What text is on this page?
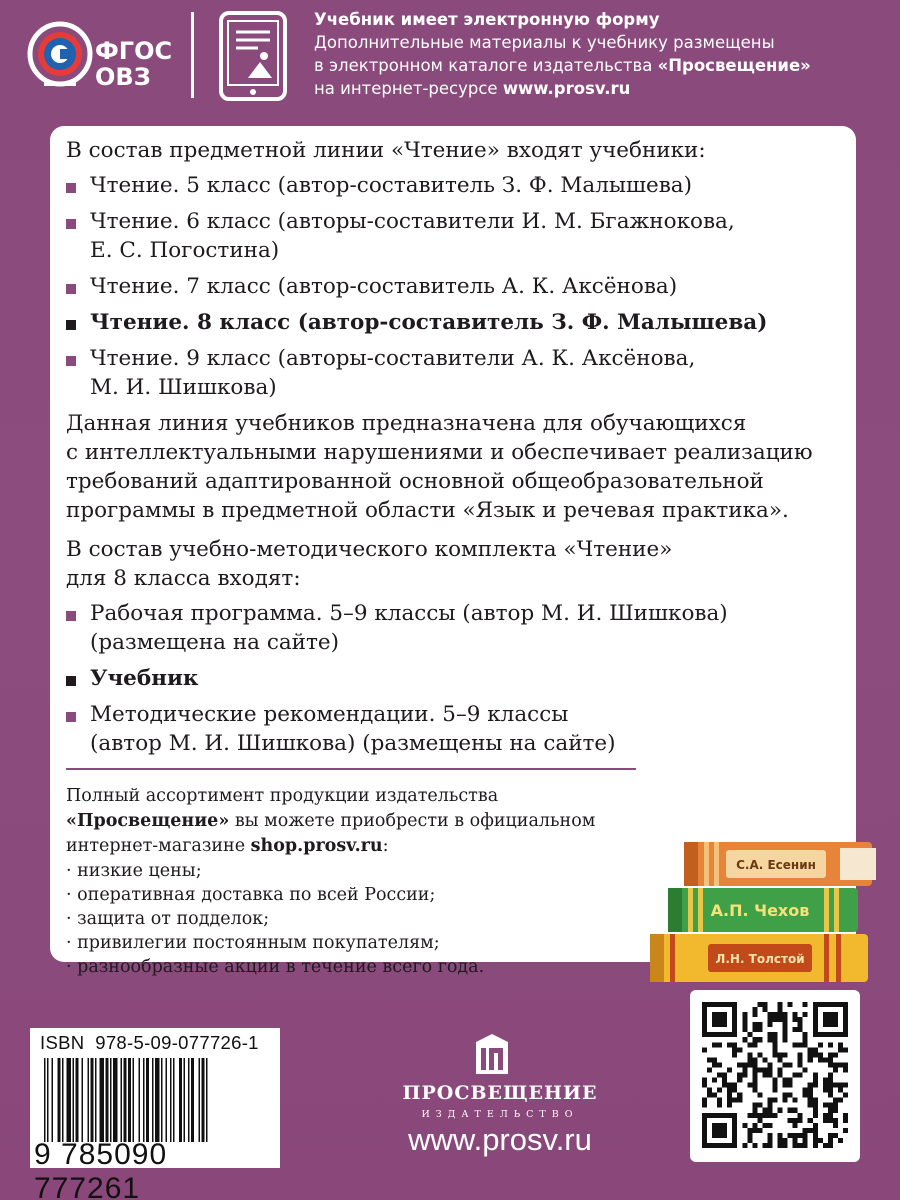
ФГОС
ОВЗ
Учебник имеет электронную форму
Дополнительные материалы к учебнику размещены
в электронном каталоге издательства «Просвещение»
на интернет-ресурсе www.prosv.ru
В состав предметной линии «Чтение» входят учебники:
Чтение. 5 класс (автор-составитель З. Ф. Малышева)
Чтение. 6 класс (авторы-составители И. М. Бгажнокова,
Е. С. Погостина)
Чтение. 7 класс (автор-составитель А. К. Аксёнова)
Чтение. 8 класс (автор-составитель З. Ф. Малышева)
Чтение. 9 класс (авторы-составители А. К. Аксёнова,
М. И. Шишкова)
Данная линия учебников предназначена для обучающихся
с интеллектуальными нарушениями и обеспечивает реализацию
требований адаптированной основной общеобразовательной
программы в предметной области «Язык и речевая практика».
В состав учебно-методического комплекта «Чтение»
для 8 класса входят:
Рабочая программа. 5–9 классы (автор М. И. Шишкова)
(размещена на сайте)
Учебник
Методические рекомендации. 5–9 классы
(автор М. И. Шишкова) (размещены на сайте)
Полный ассортимент продукции издательства
«Просвещение» вы можете приобрести в официальном
интернет-магазине shop.prosv.ru:
· низкие цены;
· оперативная доставка по всей России;
· защита от подделок;
· привилегии постоянным покупателям;
· разнообразные акции в течение всего года.
С.А. Есенин
А.П. Чехов
Л.Н. Толстой
ISBN  978-5-09-077726-1
9 785090 777261
ПРОСВЕЩЕНИЕ
ИЗДАТЕЛЬСТВО
www.prosv.ru
